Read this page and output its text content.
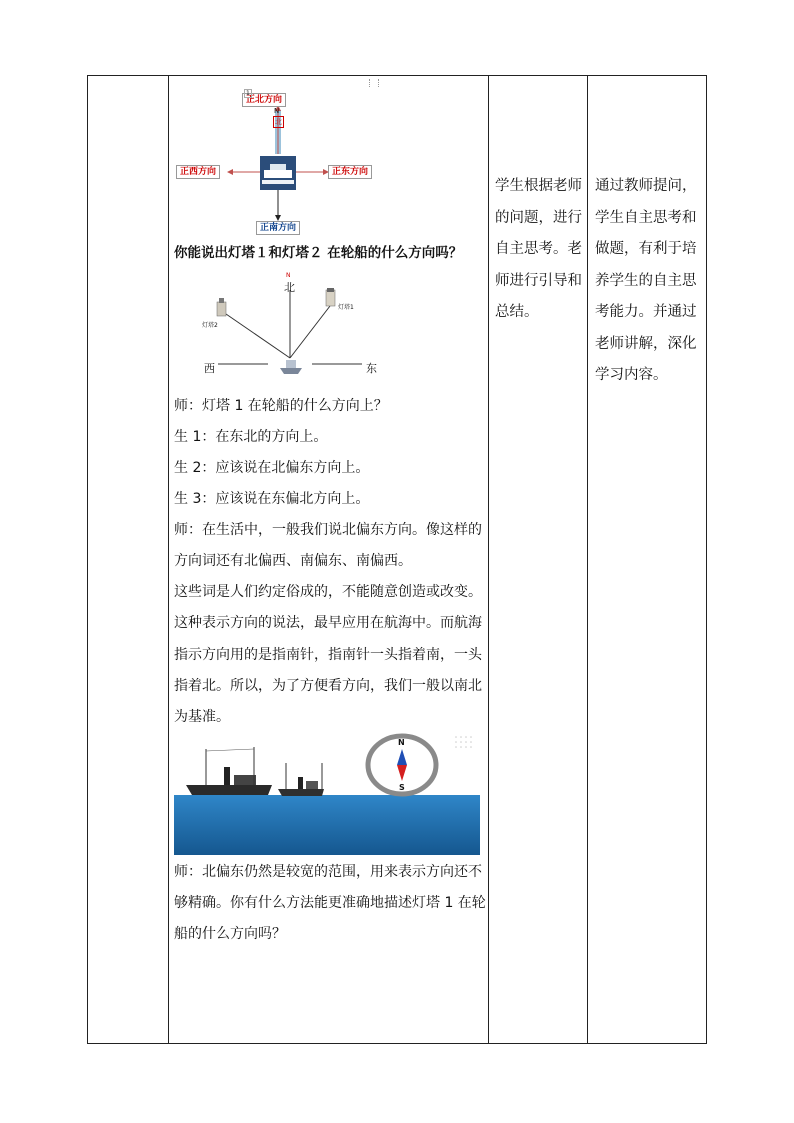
正北方向
1
N
北
正西方向	正东方向
正南方向
你能说出灯塔１和灯塔２ 在轮船的什么方向吗？
N
北
灯塔1
灯塔2
西	东
师：灯塔 1 在轮船的什么方向上？
生 1：在东北的方向上。
生 2：应该说在北偏东方向上。
生 3：应该说在东偏北方向上。
师：在生活中，一般我们说北偏东方向。像这样的
方向词还有北偏西、南偏东、南偏西。
这些词是人们约定俗成的，不能随意创造或改变。
这种表示方向的说法，最早应用在航海中。而航海
指示方向用的是指南针，指南针一头指着南，一头
指着北。所以，为了方便看方向，我们一般以南北
为基准。
N
S
师：北偏东仍然是较宽的范围，用来表示方向还不
够精确。你有什么方法能更准确地描述灯塔 1 在轮
船的什么方向吗？
学生根据老师
的问题，进行
自主思考。老
师进行引导和
总结。
通过教师提问，
学生自主思考和
做题，有利于培
养学生的自主思
考能力。并通过
老师讲解，深化
学习内容。
